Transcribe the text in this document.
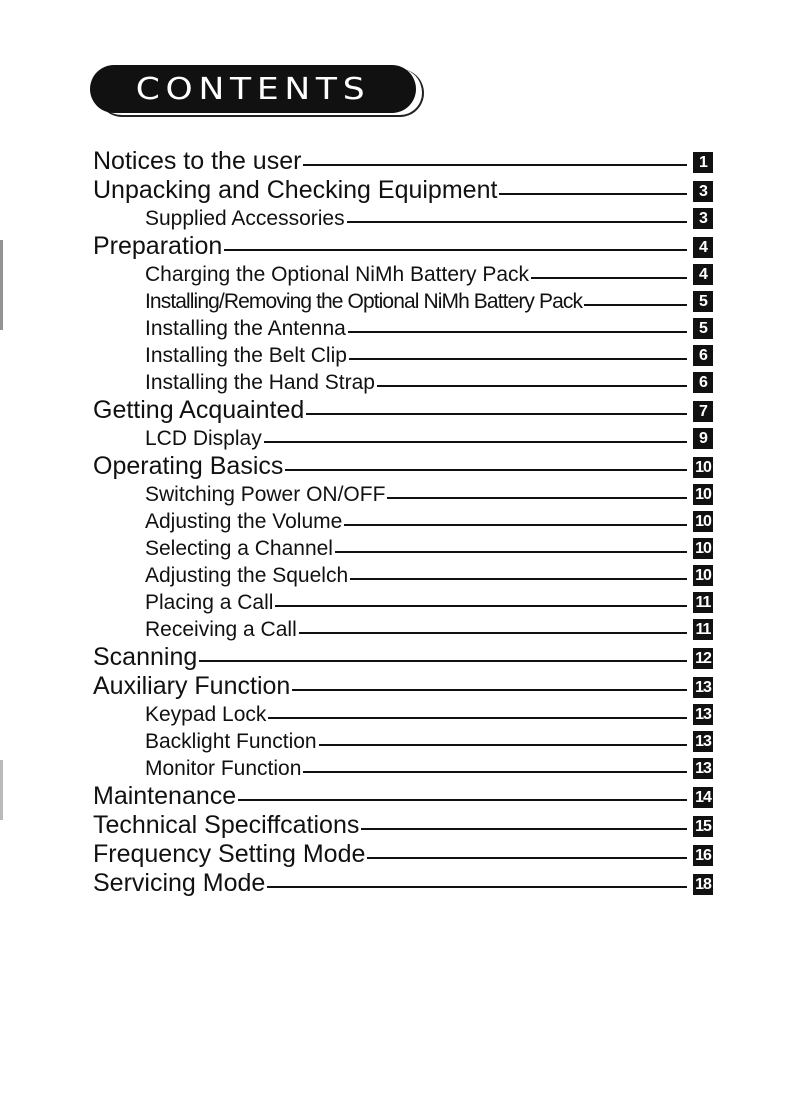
CONTENTS
Notices to the user	1
Unpacking and Checking Equipment	3
Supplied Accessories	3
Preparation	4
Charging the Optional NiMh Battery Pack	4
Installing/Removing the Optional NiMh Battery Pack	5
Installing the Antenna	5
Installing the Belt Clip	6
Installing the Hand Strap	6
Getting Acquainted	7
LCD Display	9
Operating Basics	10
Switching Power ON/OFF	10
Adjusting the Volume	10
Selecting a Channel	10
Adjusting the Squelch	10
Placing a Call	11
Receiving a Call	11
Scanning	12
Auxiliary Function	13
Keypad Lock	13
Backlight Function	13
Monitor Function	13
Maintenance	14
Technical Speciffcations	15
Frequency Setting Mode	16
Servicing Mode	18
